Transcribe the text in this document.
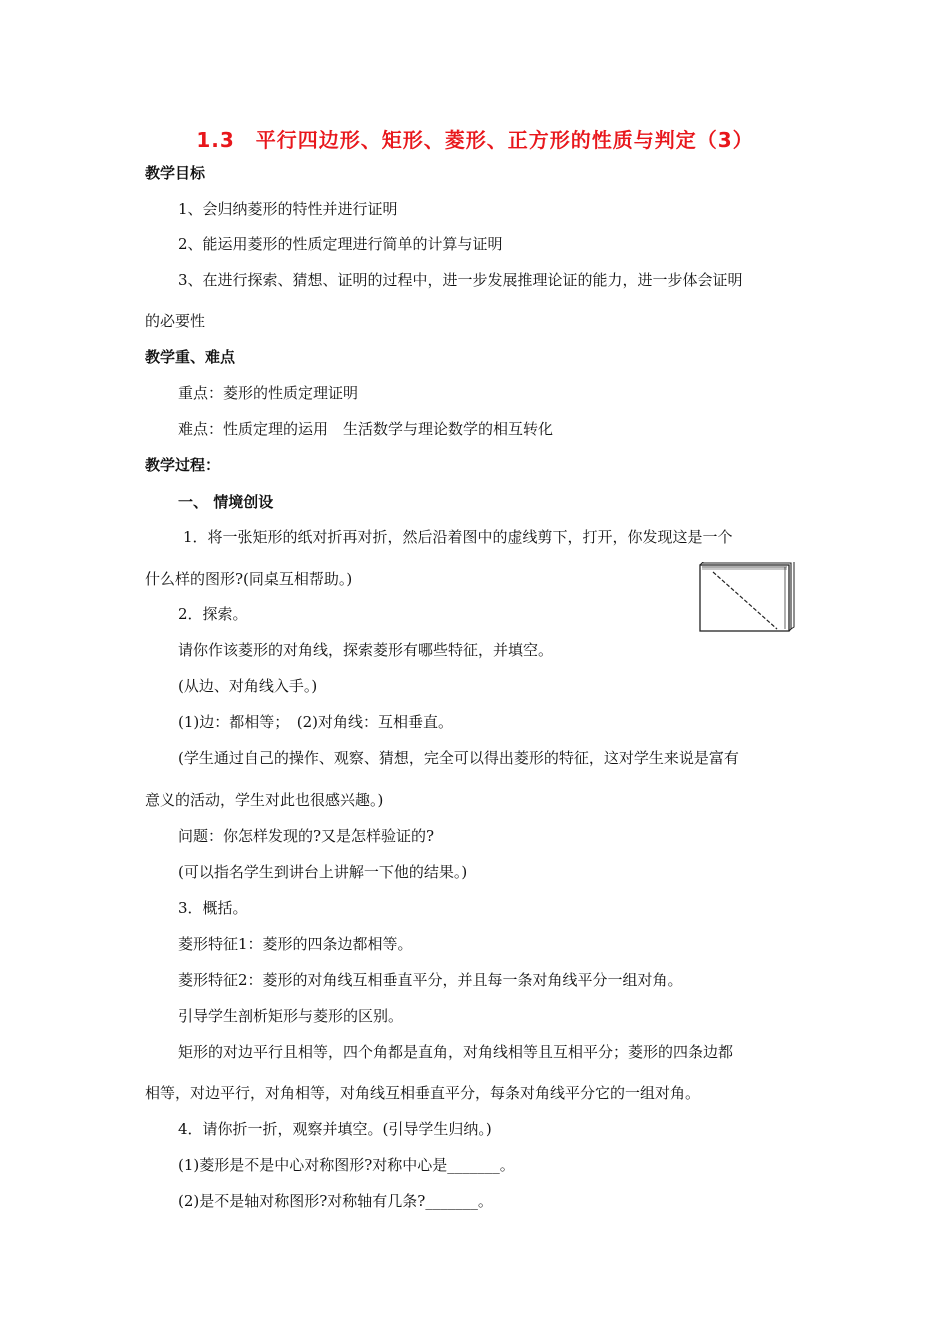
1.3　平行四边形、矩形、菱形、正方形的性质与判定（3）
教学目标
1、会归纳菱形的特性并进行证明
2、能运用菱形的性质定理进行简单的计算与证明
3、在进行探索、猜想、证明的过程中，进一步发展推理论证的能力，进一步体会证明
的必要性
教学重、难点
重点：菱形的性质定理证明
难点：性质定理的运用　生活数学与理论数学的相互转化
教学过程：
一、 情境创设
1．将一张矩形的纸对折再对折，然后沿着图中的虚线剪下，打开，你发现这是一个
什么样的图形?(同桌互相帮助。)
2．探索。
请你作该菱形的对角线，探索菱形有哪些特征，并填空。
(从边、对角线入手。)
(1)边：都相等；　(2)对角线：互相垂直。
(学生通过自己的操作、观察、猜想，完全可以得出菱形的特征，这对学生来说是富有
意义的活动，学生对此也很感兴趣。)
问题：你怎样发现的?又是怎样验证的?
(可以指名学生到讲台上讲解一下他的结果。)
3．概括。
菱形特征1：菱形的四条边都相等。
菱形特征2：菱形的对角线互相垂直平分，并且每一条对角线平分一组对角。
引导学生剖析矩形与菱形的区别。
矩形的对边平行且相等，四个角都是直角，对角线相等且互相平分；菱形的四条边都
相等，对边平行，对角相等，对角线互相垂直平分，每条对角线平分它的一组对角。
4．请你折一折，观察并填空。(引导学生归纳。)
(1)菱形是不是中心对称图形?对称中心是_______。
(2)是不是轴对称图形?对称轴有几条?_______。
